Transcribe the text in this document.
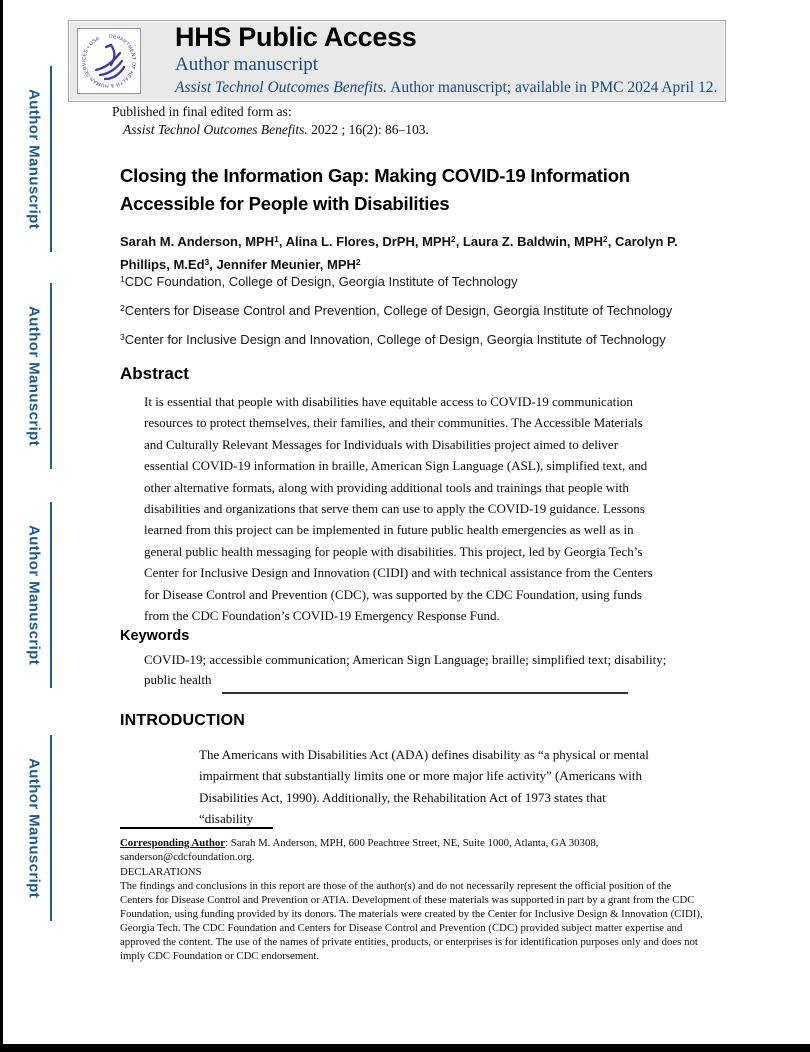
Author Manuscript
Author Manuscript
Author Manuscript
Author Manuscript
DEPARTMENT OF HEALTH & HUMAN SERVICES • USA	HHS Public Access
Author manuscript
Assist Technol Outcomes Benefits. Author manuscript; available in PMC 2024 April 12.
Published in final edited form as:
Assist Technol Outcomes Benefits. 2022 ; 16(2): 86–103.
Closing the Information Gap: Making COVID-19 Information Accessible for People with Disabilities
Sarah M. Anderson, MPH$^1$, Alina L. Flores, DrPH, MPH$^2$, Laura Z. Baldwin, MPH$^2$, Carolyn P. Phillips, M.Ed$^3$, Jennifer Meunier, MPH$^2$
$^1$CDC Foundation, College of Design, Georgia Institute of Technology
$^2$Centers for Disease Control and Prevention, College of Design, Georgia Institute of Technology
$^3$Center for Inclusive Design and Innovation, College of Design, Georgia Institute of Technology
Abstract
It is essential that people with disabilities have equitable access to COVID-19 communication resources to protect themselves, their families, and their communities. The Accessible Materials and Culturally Relevant Messages for Individuals with Disabilities project aimed to deliver essential COVID-19 information in braille, American Sign Language (ASL), simplified text, and other alternative formats, along with providing additional tools and trainings that people with disabilities and organizations that serve them can use to apply the COVID-19 guidance. Lessons learned from this project can be implemented in future public health emergencies as well as in general public health messaging for people with disabilities. This project, led by Georgia Tech’s Center for Inclusive Design and Innovation (CIDI) and with technical assistance from the Centers for Disease Control and Prevention (CDC), was supported by the CDC Foundation, using funds from the CDC Foundation’s COVID-19 Emergency Response Fund.
Keywords
COVID-19; accessible communication; American Sign Language; braille; simplified text; disability; public health
INTRODUCTION
The Americans with Disabilities Act (ADA) defines disability as “a physical or mental impairment that substantially limits one or more major life activity” (Americans with Disabilities Act, 1990). Additionally, the Rehabilitation Act of 1973 states that “disability
Corresponding Author: Sarah M. Anderson, MPH, 600 Peachtree Street, NE, Suite 1000, Atlanta, GA 30308, sanderson@cdcfoundation.org.
DECLARATIONS
The findings and conclusions in this report are those of the author(s) and do not necessarily represent the official position of the Centers for Disease Control and Prevention or ATIA. Development of these materials was supported in part by a grant from the CDC Foundation, using funding provided by its donors. The materials were created by the Center for Inclusive Design & Innovation (CIDI), Georgia Tech. The CDC Foundation and Centers for Disease Control and Prevention (CDC) provided subject matter expertise and approved the content. The use of the names of private entities, products, or enterprises is for identification purposes only and does not imply CDC Foundation or CDC endorsement.
